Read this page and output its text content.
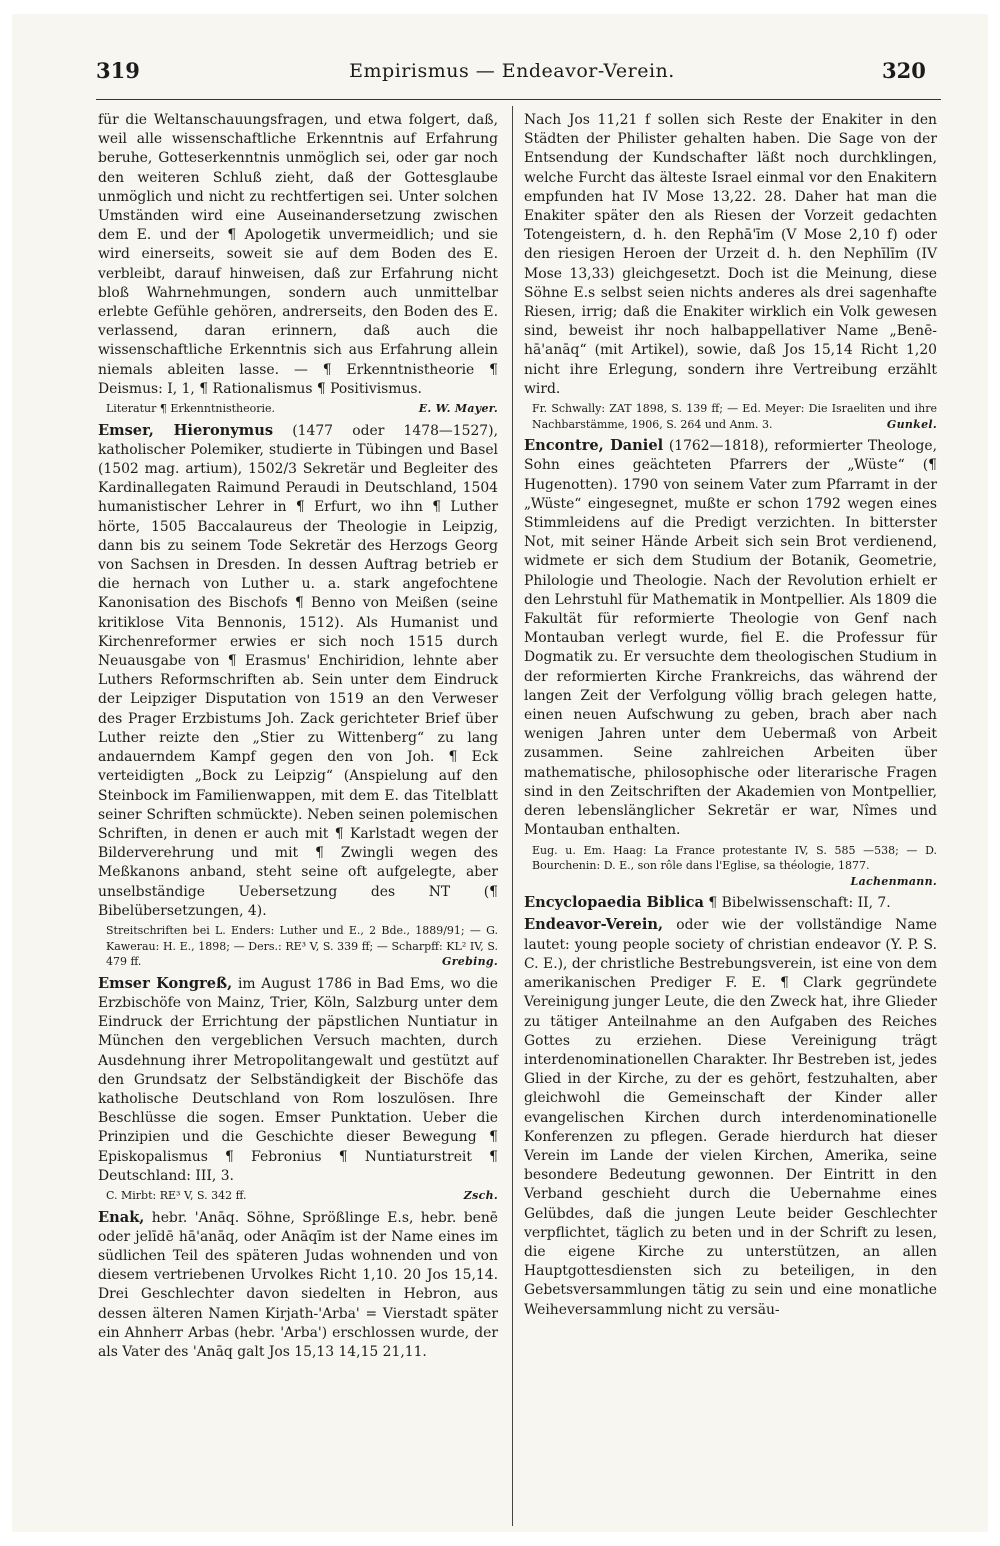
319	Empirismus — Endeavor-Verein.	320

für die Weltanschauungsfragen, und etwa folgert, daß, weil alle wissenschaftliche Erkenntnis auf Erfahrung beruhe, Gotteserkenntnis unmöglich sei, oder gar noch den weiteren Schluß zieht, daß der Gottesglaube unmöglich und nicht zu rechtfertigen sei. Unter solchen Umständen wird eine Auseinandersetzung zwischen dem E. und der ¶ Apologetik unvermeidlich; und sie wird einerseits, soweit sie auf dem Boden des E. verbleibt, darauf hinweisen, daß zur Erfahrung nicht bloß Wahrnehmungen, sondern auch unmittelbar erlebte Gefühle gehören, andrerseits, den Boden des E. verlassend, daran erinnern, daß auch die wissenschaftliche Erkenntnis sich aus Erfahrung allein niemals ableiten lasse. — ¶ Erkenntnistheorie ¶ Deismus: I, 1, ¶ Rationalismus ¶ Positivismus.

Literatur ¶ Erkenntnistheorie.	E. W. Mayer.

Emser, Hieronymus (1477 oder 1478—1527), katholischer Polemiker, studierte in Tübingen und Basel (1502 mag. artium), 1502/3 Sekretär und Begleiter des Kardinallegaten Raimund Peraudi in Deutschland, 1504 humanistischer Lehrer in ¶ Erfurt, wo ihn ¶ Luther hörte, 1505 Baccalaureus der Theologie in Leipzig, dann bis zu seinem Tode Sekretär des Herzogs Georg von Sachsen in Dresden. In dessen Auftrag betrieb er die hernach von Luther u. a. stark angefochtene Kanonisation des Bischofs ¶ Benno von Meißen (seine kritiklose Vita Bennonis, 1512). Als Humanist und Kirchenreformer erwies er sich noch 1515 durch Neuausgabe von ¶ Erasmus' Enchiridion, lehnte aber Luthers Reformschriften ab. Sein unter dem Eindruck der Leipziger Disputation von 1519 an den Verweser des Prager Erzbistums Joh. Zack gerichteter Brief über Luther reizte den „Stier zu Wittenberg“ zu lang andauerndem Kampf gegen den von Joh. ¶ Eck verteidigten „Bock zu Leipzig“ (Anspielung auf den Steinbock im Familienwappen, mit dem E. das Titelblatt seiner Schriften schmückte). Neben seinen polemischen Schriften, in denen er auch mit ¶ Karlstadt wegen der Bilderverehrung und mit ¶ Zwingli wegen des Meßkanons anband, steht seine oft aufgelegte, aber unselbständige Uebersetzung des NT (¶ Bibelübersetzungen, 4).

Streitschriften bei L. Enders: Luther und E., 2 Bde., 1889/91; — G. Kawerau: H. E., 1898; — Ders.: RE³ V, S. 339 ff; — Scharpff: KL² IV, S. 479 ff.	Grebing.

Emser Kongreß, im August 1786 in Bad Ems, wo die Erzbischöfe von Mainz, Trier, Köln, Salzburg unter dem Eindruck der Errichtung der päpstlichen Nuntiatur in München den vergeblichen Versuch machten, durch Ausdehnung ihrer Metropolitangewalt und gestützt auf den Grundsatz der Selbständigkeit der Bischöfe das katholische Deutschland von Rom loszulösen. Ihre Beschlüsse die sogen. Emser Punktation. Ueber die Prinzipien und die Geschichte dieser Bewegung ¶ Episkopalismus ¶ Febronius ¶ Nuntiaturstreit ¶ Deutschland: III, 3.

C. Mirbt: RE³ V, S. 342 ff.	Zsch.

Enak, hebr. 'Anāq. Söhne, Sprößlinge E.s, hebr. benē oder jelīdē hā'anāq, oder Anāqīm ist der Name eines im südlichen Teil des späteren Judas wohnenden und von diesem vertriebenen Urvolkes Richt 1,10. 20 Jos 15,14. Drei Geschlechter davon siedelten in Hebron, aus dessen älteren Namen Kirjath-'Arba' = Vierstadt später ein Ahnherr Arbas (hebr. 'Arba') erschlossen wurde, der als Vater des 'Anāq galt Jos 15,13 14,15 21,11.

Nach Jos 11,21 f sollen sich Reste der Enakiter in den Städten der Philister gehalten haben. Die Sage von der Entsendung der Kundschafter läßt noch durchklingen, welche Furcht das älteste Israel einmal vor den Enakitern empfunden hat IV Mose 13,22. 28. Daher hat man die Enakiter später den als Riesen der Vorzeit gedachten Totengeistern, d. h. den Rephā'īm (V Mose 2,10 f) oder den riesigen Heroen der Urzeit d. h. den Nephīlīm (IV Mose 13,33) gleichgesetzt. Doch ist die Meinung, diese Söhne E.s selbst seien nichts anderes als drei sagenhafte Riesen, irrig; daß die Enakiter wirklich ein Volk gewesen sind, beweist ihr noch halbappellativer Name „Benē-hā'anāq“ (mit Artikel), sowie, daß Jos 15,14 Richt 1,20 nicht ihre Erlegung, sondern ihre Vertreibung erzählt wird.

Fr. Schwally: ZAT 1898, S. 139 ff; — Ed. Meyer: Die Israeliten und ihre Nachbarstämme, 1906, S. 264 und Anm. 3.	Gunkel.

Encontre, Daniel (1762—1818), reformierter Theologe, Sohn eines geächteten Pfarrers der „Wüste“ (¶ Hugenotten). 1790 von seinem Vater zum Pfarramt in der „Wüste“ eingesegnet, mußte er schon 1792 wegen eines Stimmleidens auf die Predigt verzichten. In bitterster Not, mit seiner Hände Arbeit sich sein Brot verdienend, widmete er sich dem Studium der Botanik, Geometrie, Philologie und Theologie. Nach der Revolution erhielt er den Lehrstuhl für Mathematik in Montpellier. Als 1809 die Fakultät für reformierte Theologie von Genf nach Montauban verlegt wurde, fiel E. die Professur für Dogmatik zu. Er versuchte dem theologischen Studium in der reformierten Kirche Frankreichs, das während der langen Zeit der Verfolgung völlig brach gelegen hatte, einen neuen Aufschwung zu geben, brach aber nach wenigen Jahren unter dem Uebermaß von Arbeit zusammen. Seine zahlreichen Arbeiten über mathematische, philosophische oder literarische Fragen sind in den Zeitschriften der Akademien von Montpellier, deren lebenslänglicher Sekretär er war, Nîmes und Montauban enthalten.

Eug. u. Em. Haag: La France protestante IV, S. 585 —538; — D. Bourchenin: D. E., son rôle dans l'Eglise, sa théologie, 1877.
Lachenmann.

Encyclopaedia Biblica ¶ Bibelwissenschaft: II, 7.

Endeavor-Verein, oder wie der vollständige Name lautet: young people society of christian endeavor (Y. P. S. C. E.), der christliche Bestrebungsverein, ist eine von dem amerikanischen Prediger F. E. ¶ Clark gegründete Vereinigung junger Leute, die den Zweck hat, ihre Glieder zu tätiger Anteilnahme an den Aufgaben des Reiches Gottes zu erziehen. Diese Vereinigung trägt interdenominationellen Charakter. Ihr Bestreben ist, jedes Glied in der Kirche, zu der es gehört, festzuhalten, aber gleichwohl die Gemeinschaft der Kinder aller evangelischen Kirchen durch interdenominationelle Konferenzen zu pflegen. Gerade hierdurch hat dieser Verein im Lande der vielen Kirchen, Amerika, seine besondere Bedeutung gewonnen. Der Eintritt in den Verband geschieht durch die Uebernahme eines Gelübdes, daß die jungen Leute beider Geschlechter verpflichtet, täglich zu beten und in der Schrift zu lesen, die eigene Kirche zu unterstützen, an allen Hauptgottesdiensten sich zu beteiligen, in den Gebetsversammlungen tätig zu sein und eine monatliche Weiheversammlung nicht zu versäu-
